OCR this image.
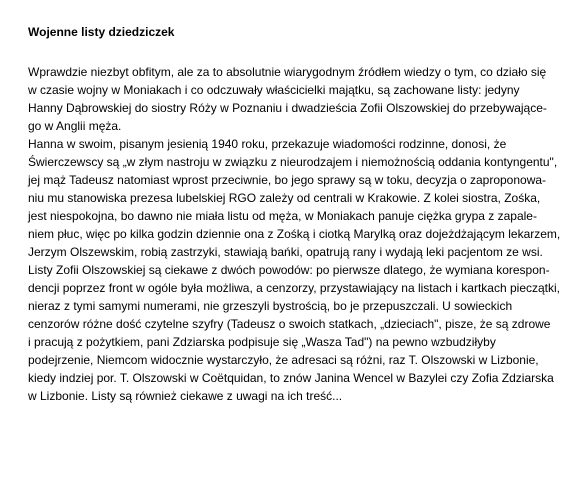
Wojenne listy dziedziczek
Wprawdzie niezbyt obfitym, ale za to absolutnie wiarygodnym źródłem wiedzy o tym, co działo się
w czasie wojny w Moniakach i co odczuwały właścicielki majątku, są zachowane listy: jedyny
Hanny Dąbrowskiej do siostry Róży w Poznaniu i dwadzieścia Zofii Olszowskiej do przebywające-
go w Anglii męża.
Hanna w swoim, pisanym jesienią 1940 roku, przekazuje wiadomości rodzinne, donosi, że
Świerczewscy są „w złym nastroju w związku z nieurodzajem i niemożnością oddania kontyngentu",
jej mąż Tadeusz natomiast wprost przeciwnie, bo jego sprawy są w toku, decyzja o zaproponowa-
niu mu stanowiska prezesa lubelskiej RGO zależy od centrali w Krakowie. Z kolei siostra, Zośka,
jest niespokojna, bo dawno nie miała listu od męża, w Moniakach panuje ciężka grypa z zapale-
niem płuc, więc po kilka godzin dziennie ona z Zośką i ciotką Marylką oraz dojeżdżającym lekarzem,
Jerzym Olszewskim, robią zastrzyki, stawiają bańki, opatrują rany i wydają leki pacjentom ze wsi.
Listy Zofii Olszowskiej są ciekawe z dwóch powodów: po pierwsze dlatego, że wymiana korespon-
dencji poprzez front w ogóle była możliwa, a cenzorzy, przystawiający na listach i kartkach pieczątki,
nieraz z tymi samymi numerami, nie grzeszyli bystrością, bo je przepuszczali. U sowieckich
cenzorów różne dość czytelne szyfry (Tadeusz o swoich statkach, „dzieciach", pisze, że są zdrowe
i pracują z pożytkiem, pani Zdziarska podpisuje się „Wasza Tad") na pewno wzbudziłyby
podejrzenie, Niemcom widocznie wystarczyło, że adresaci są różni, raz T. Olszowski w Lizbonie,
kiedy indziej por. T. Olszowski w Coëtquidan, to znów Janina Wencel w Bazylei czy Zofia Zdziarska
w Lizbonie. Listy są również ciekawe z uwagi na ich treść...
